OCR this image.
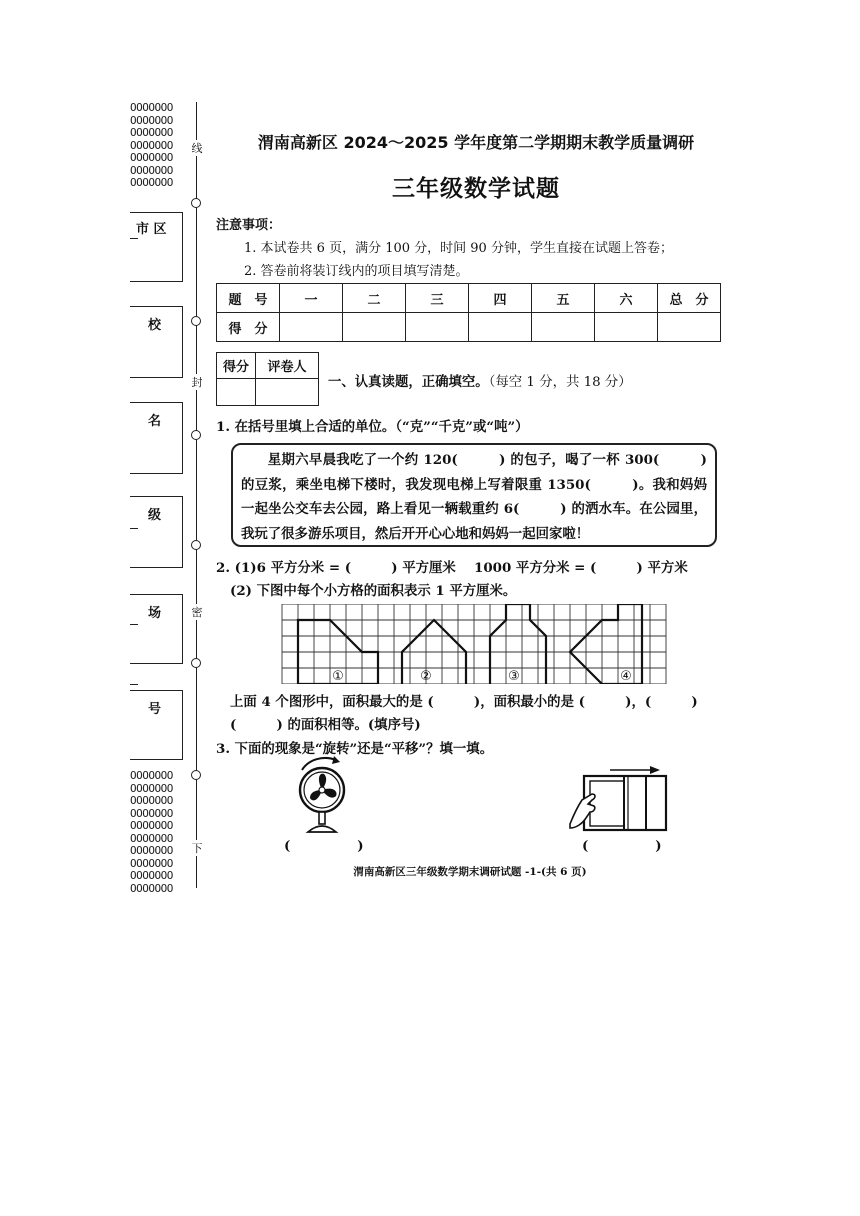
OOOOOOO
OOOOOOO
OOOOOOO
OOOOOOO
OOOOOOO
OOOOOOO
OOOOOOO
OOOOOOO
OOOOOOO
OOOOOOO
OOOOOOO
OOOOOOO
OOOOOOO
OOOOOOO
OOOOOOO
OOOOOOO
OOOOOOO
线
封
密
下
市 区
校
名
级
场
号
渭南高新区 2024～2025 学年度第二学期期末教学质量调研
三年级数学试题
注意事项：
1. 本试卷共 6 页，满分 100 分，时间 90 分钟，学生直接在试题上答卷；
2. 答卷前将装订线内的项目填写清楚。
题　号	一	二	三	四	五	六	总　分
得　分							
得分	评卷人

一、认真读题，正确填空。（每空 1 分，共 18 分）
1. 在括号里填上合适的单位。（“克”“千克”或“吨”）
星期六早晨我吃了一个约 120(　　　) 的包子，喝了一杯 300(　　　) 的豆浆，乘坐电梯下楼时，我发现电梯上写着限重 1350(　　　)。我和妈妈一起坐公交车去公园，路上看见一辆载重约 6(　　　) 的洒水车。在公园里，我玩了很多游乐项目，然后开开心心地和妈妈一起回家啦！
2. (1)6 平方分米 = (　　　) 平方厘米 1000 平方分米 = (　　　) 平方米
(2) 下图中每个小方格的面积表示 1 平方厘米。
①	②	③	④
上面 4 个图形中，面积最大的是 (　　　)，面积最小的是 (　　　)，(　　　)
(　　　) 的面积相等。(填序号)
3. 下面的现象是“旋转”还是“平移”？填一填。
(　　　　　)	(　　　　　)
渭南高新区三年级数学期末调研试题 -1-(共 6 页)
